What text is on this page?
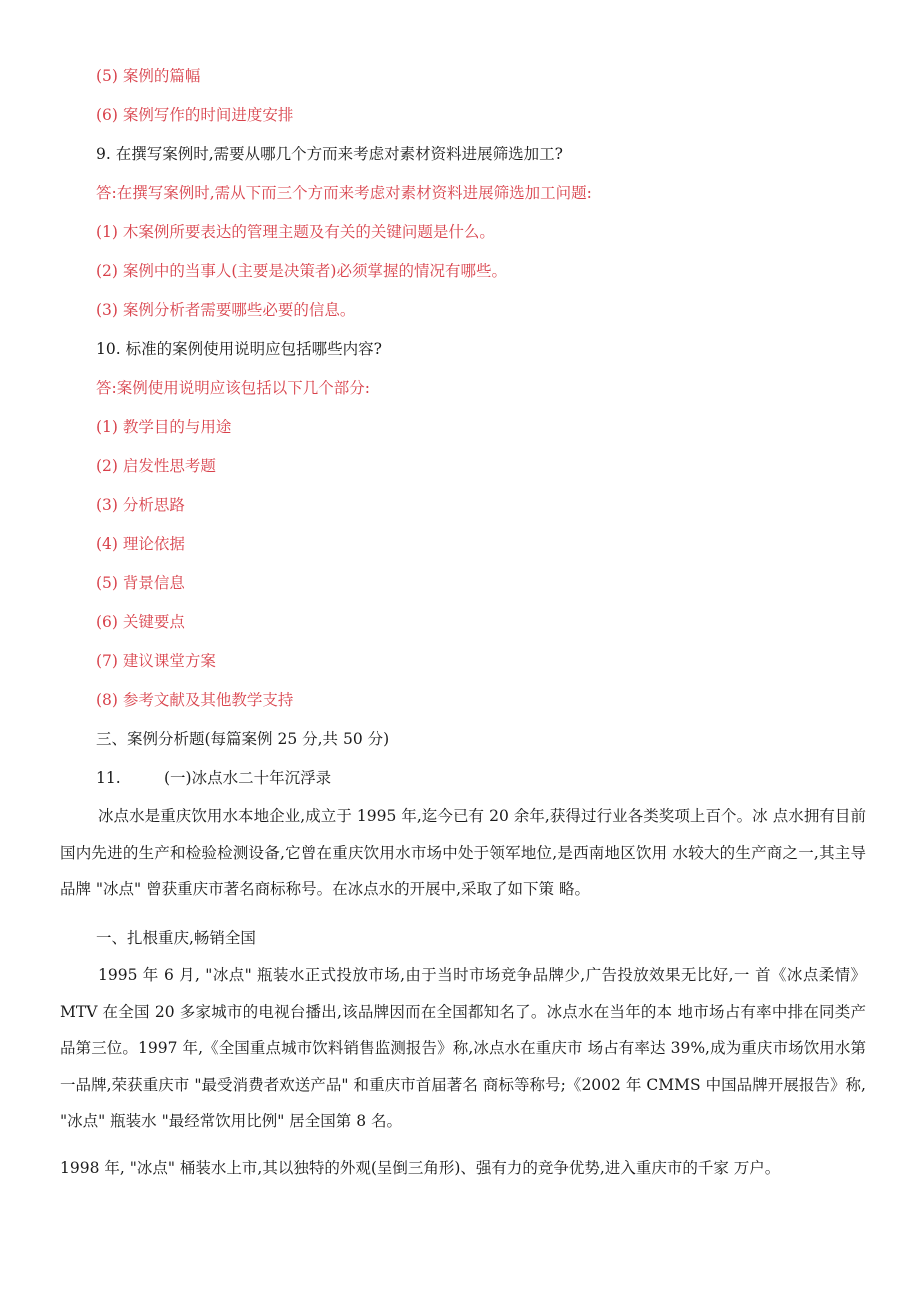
(5) 案例的篇幅
(6) 案例写作的时间进度安排
9. 在撰写案例时,需要从哪几个方而来考虑对素材资料进展筛选加工?
答:在撰写案例时,需从下而三个方而来考虑对素材资料进展筛选加工问题:
(1) 木案例所要表达的管理主题及有关的关键问题是什么。
(2) 案例中的当事人(主要是决策者)必须掌握的情况有哪些。
(3) 案例分析者需要哪些必要的信息。
10. 标准的案例使用说明应包括哪些内容?
答:案例使用说明应该包括以下几个部分:
(1) 教学目的与用途
(2) 启发性思考题
(3) 分析思路
(4) 理论依据
(5) 背景信息
(6) 关键要点
(7) 建议课堂方案
(8) 参考文献及其他教学支持
三、案例分析题(每篇案例 25 分,共 50 分)
11.	(一)冰点水二十年沉浮录
冰点水是重庆饮用水本地企业,成立于 1995 年,迄今已有 20 余年,获得过行业各类奖项上百个。冰 点水拥有目前国内先进的生产和检验检测设备,它曾在重庆饮用水市场中处于领军地位,是西南地区饮用 水较大的生产商之一,其主导品牌 "冰点" 曾获重庆市著名商标称号。在冰点水的开展中,采取了如下策 略。
一、扎根重庆,畅销全国
1995 年 6 月, "冰点" 瓶装水正式投放市场,由于当时市场竞争品牌少,广告投放效果无比好,一 首《冰点柔情》MTV 在全国 20 多家城市的电视台播出,该品牌因而在全国都知名了。冰点水在当年的本 地市场占有率中排在同类产品第三位。1997 年,《全国重点城市饮料销售监测报告》称,冰点水在重庆市 场占有率达 39%,成为重庆市场饮用水第一品牌,荣获重庆市 "最受消费者欢送产品" 和重庆市首届著名 商标等称号;《2002 年 CMMS 中国品牌开展报告》称, "冰点" 瓶装水 "最经常饮用比例" 居全国第 8 名。
1998 年, "冰点" 桶装水上市,其以独特的外观(呈倒三角形)、强有力的竞争优势,进入重庆市的千家 万户。
